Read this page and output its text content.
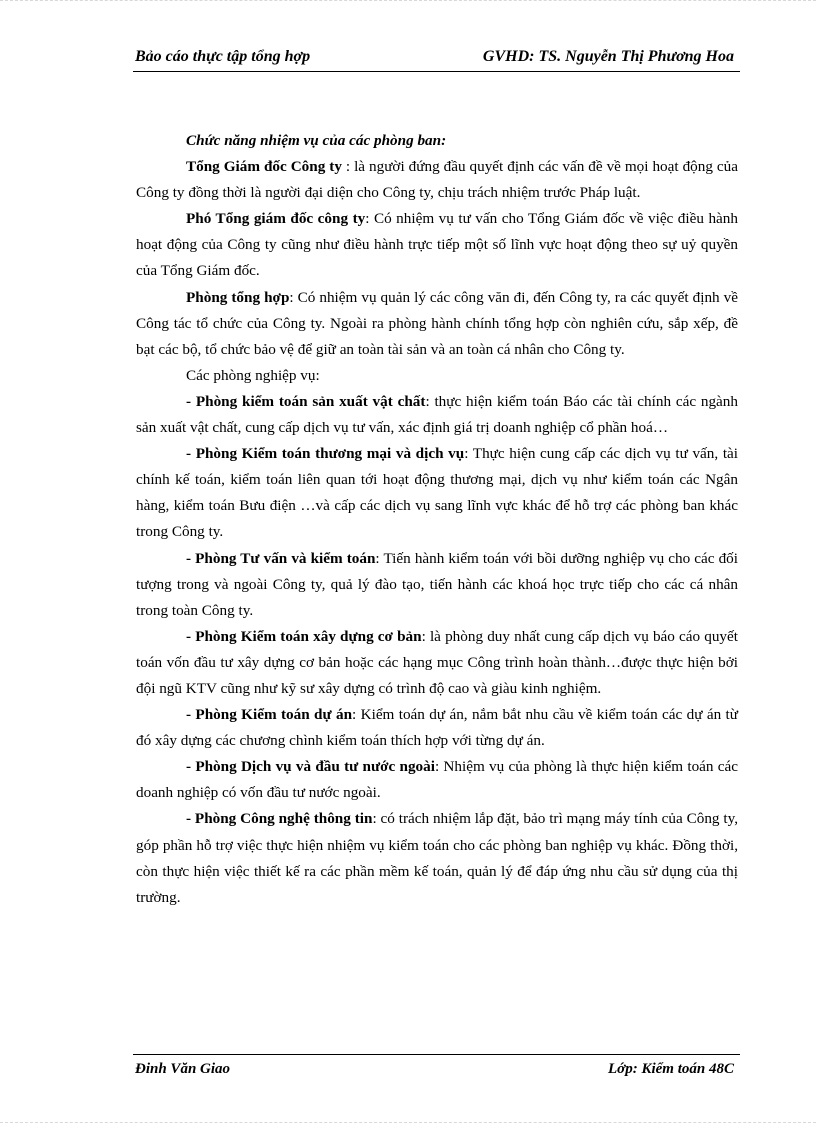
Bảo cáo thực tập tổng hợp	GVHD: TS. Nguyễn Thị Phương Hoa

Chức năng nhiệm vụ của các phòng ban:

Tổng Giám đốc Công ty : là người đứng đầu quyết định các vấn đề về mọi hoạt động của Công ty đồng thời là người đại diện cho Công ty, chịu trách nhiệm trước Pháp luật.

Phó Tổng giám đốc công ty: Có nhiệm vụ tư vấn cho Tổng Giám đốc về việc điều hành hoạt động của Công ty cũng như điều hành trực tiếp một số lĩnh vực hoạt động theo sự uỷ quyền của Tổng Giám đốc.

Phòng tổng hợp: Có nhiệm vụ quản lý các công văn đi, đến Công ty, ra các quyết định về Công tác tổ chức của Công ty. Ngoài ra phòng hành chính tổng hợp còn nghiên cứu, sắp xếp, đề bạt các bộ, tổ chức bảo vệ để giữ an toàn tài sản và an toàn cá nhân cho Công ty.

Các phòng nghiệp vụ:

- Phòng kiểm toán sản xuất vật chất: thực hiện kiểm toán Báo các tài chính các ngành sản xuất vật chất, cung cấp dịch vụ tư vấn, xác định giá trị doanh nghiệp cổ phần hoá…

- Phòng Kiểm toán thương mại và dịch vụ: Thực hiện cung cấp các dịch vụ tư vấn, tài chính kế toán, kiểm toán liên quan tới hoạt động thương mại, dịch vụ như kiểm toán các Ngân hàng, kiểm toán Bưu điện …và cấp các dịch vụ sang lĩnh vực khác để hỗ trợ các phòng ban khác trong Công ty.

- Phòng Tư vấn và kiểm toán: Tiến hành kiểm toán với bồi dưỡng nghiệp vụ cho các đối tượng trong và ngoài Công ty, quả lý đào tạo, tiến hành các khoá học trực tiếp cho các cá nhân trong toàn Công ty.

- Phòng Kiểm toán xây dựng cơ bản: là phòng duy nhất cung cấp dịch vụ báo cáo quyết toán vốn đầu tư xây dựng cơ bản hoặc các hạng mục Công trình hoàn thành…được thực hiện bởi đội ngũ KTV cũng như kỹ sư xây dựng có trình độ cao và giàu kinh nghiệm.

- Phòng Kiểm toán dự án: Kiểm toán dự án, nắm bắt nhu cầu về kiểm toán các dự án từ đó xây dựng các chương chình kiểm toán thích hợp với từng dự án.

- Phòng Dịch vụ và đầu tư nước ngoài: Nhiệm vụ của phòng là thực hiện kiểm toán các doanh nghiệp có vốn đầu tư nước ngoài.

- Phòng Công nghệ thông tin: có trách nhiệm lắp đặt, bảo trì mạng máy tính của Công ty, góp phần hỗ trợ việc thực hiện nhiệm vụ kiểm toán cho các phòng ban nghiệp vụ khác. Đồng thời, còn thực hiện việc thiết kế ra các phần mềm kế toán, quản lý để đáp ứng nhu cầu sử dụng của thị trường.

Đinh Văn Giao	Lớp: Kiểm toán 48C
